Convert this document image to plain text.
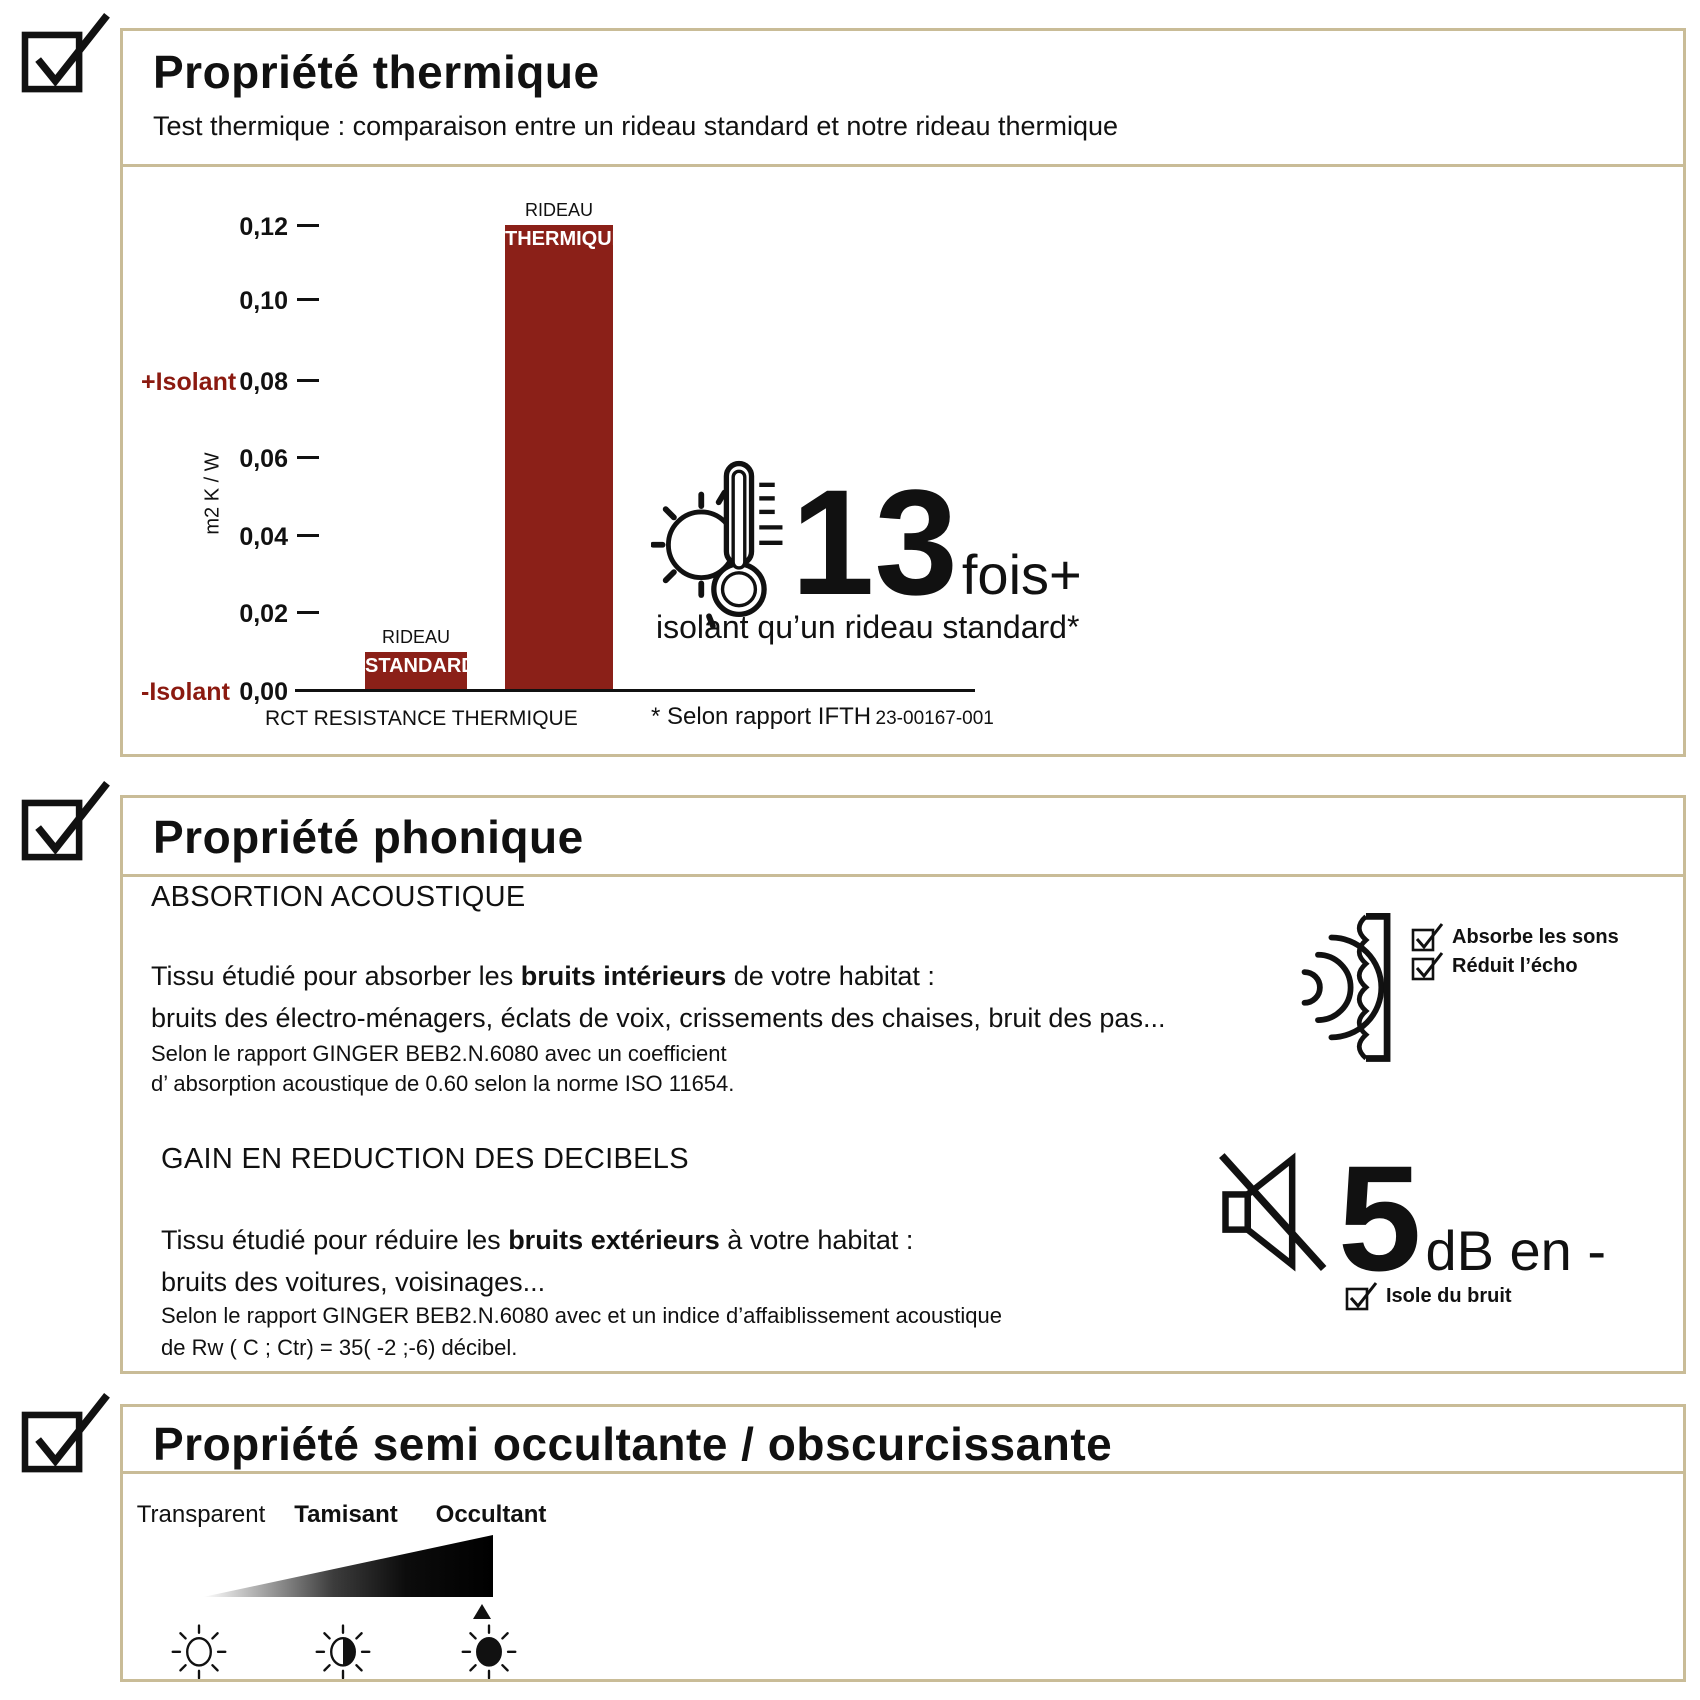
Propriété thermique
Test thermique : comparaison entre un rideau standard et notre rideau thermique
0,12
0,10
0,08
0,06
0,04
0,02
0,00
+Isolant
-Isolant
m2 K / W
RIDEAU
STANDARD
RIDEAU
THERMIQUE
RCT RESISTANCE THERMIQUE	* Selon rapport IFTH 23-00167-001
13 fois+
isolant qu’un rideau standard*
Propriété phonique
ABSORTION ACOUSTIQUE
Tissu étudié pour absorber les bruits intérieurs de votre habitat :
bruits des électro-ménagers, éclats de voix, crissements des chaises, bruit des pas...
Selon le rapport GINGER BEB2.N.6080 avec un coefficient
d’ absorption acoustique de 0.60 selon la norme ISO 11654.
Absorbe les sons
Réduit l’écho
GAIN EN REDUCTION DES DECIBELS
Tissu étudié pour réduire les bruits extérieurs à votre habitat :
bruits des voitures, voisinages...
Selon le rapport GINGER BEB2.N.6080 avec et un indice d’affaiblissement acoustique
de Rw ( C ; Ctr) = 35( -2 ;-6) décibel.
5 dB en -
Isole du bruit
Propriété semi occultante / obscurcissante
Transparent	Tamisant	Occultant
